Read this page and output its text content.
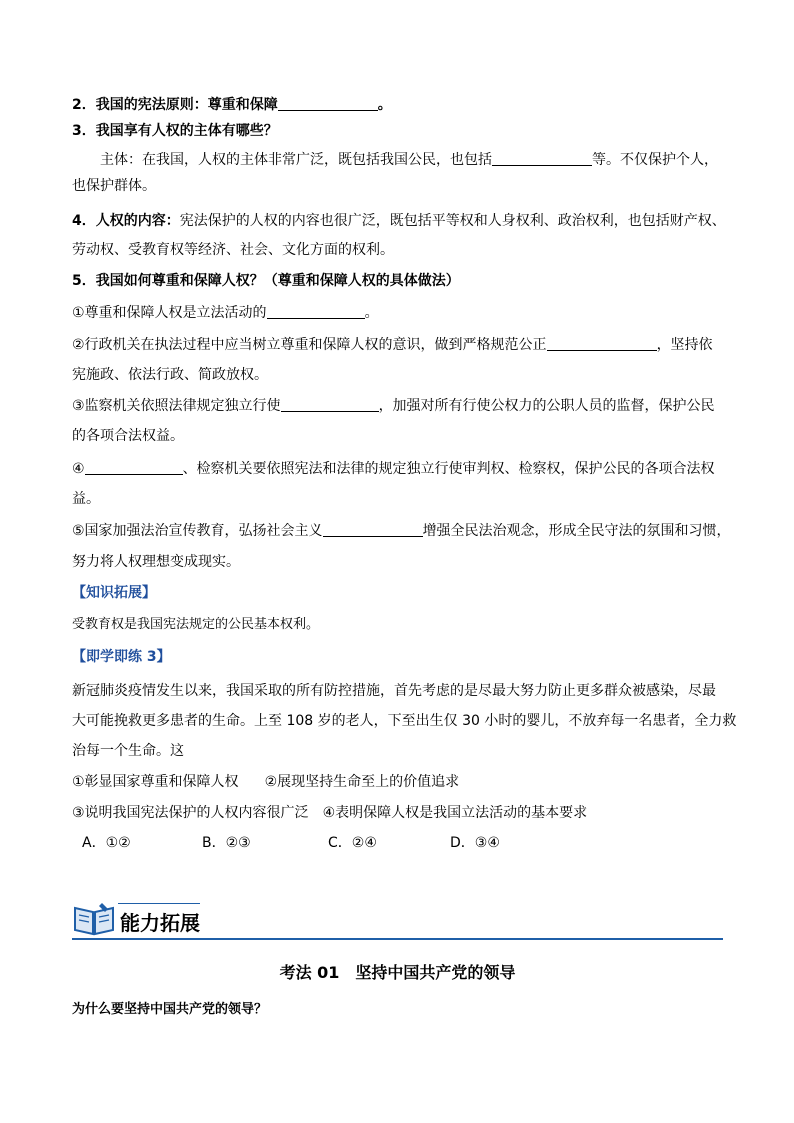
2．我国的宪法原则：尊重和保障	。
3．我国享有人权的主体有哪些？
主体：在我国，人权的主体非常广泛，既包括我国公民，也包括	等。不仅保护个人，
也保护群体。
4．人权的内容：宪法保护的人权的内容也很广泛，既包括平等权和人身权利、政治权利，也包括财产权、
劳动权、受教育权等经济、社会、文化方面的权利。
5．我国如何尊重和保障人权？（尊重和保障人权的具体做法）
①尊重和保障人权是立法活动的	。
②行政机关在执法过程中应当树立尊重和保障人权的意识，做到严格规范公正	，坚持依
宪施政、依法行政、简政放权。
③监察机关依照法律规定独立行使	，加强对所有行使公权力的公职人员的监督，保护公民
的各项合法权益。
④	、检察机关要依照宪法和法律的规定独立行使审判权、检察权，保护公民的各项合法权
益。
⑤国家加强法治宣传教育，弘扬社会主义	增强全民法治观念，形成全民守法的氛围和习惯，
努力将人权理想变成现实。
【知识拓展】
受教育权是我国宪法规定的公民基本权利。
【即学即练 3】
新冠肺炎疫情发生以来，我国采取的所有防控措施，首先考虑的是尽最大努力防止更多群众被感染，尽最
大可能挽救更多患者的生命。上至 108 岁的老人，下至出生仅 30 小时的婴儿，不放弃每一名患者，全力救
治每一个生命。这
①彰显国家尊重和保障人权 ②展现坚持生命至上的价值追求
③说明我国宪法保护的人权内容很广泛 ④表明保障人权是我国立法活动的基本要求
A．①②	B．②③	C．②④	D．③④
能力拓展
考法 01　坚持中国共产党的领导
为什么要坚持中国共产党的领导？
